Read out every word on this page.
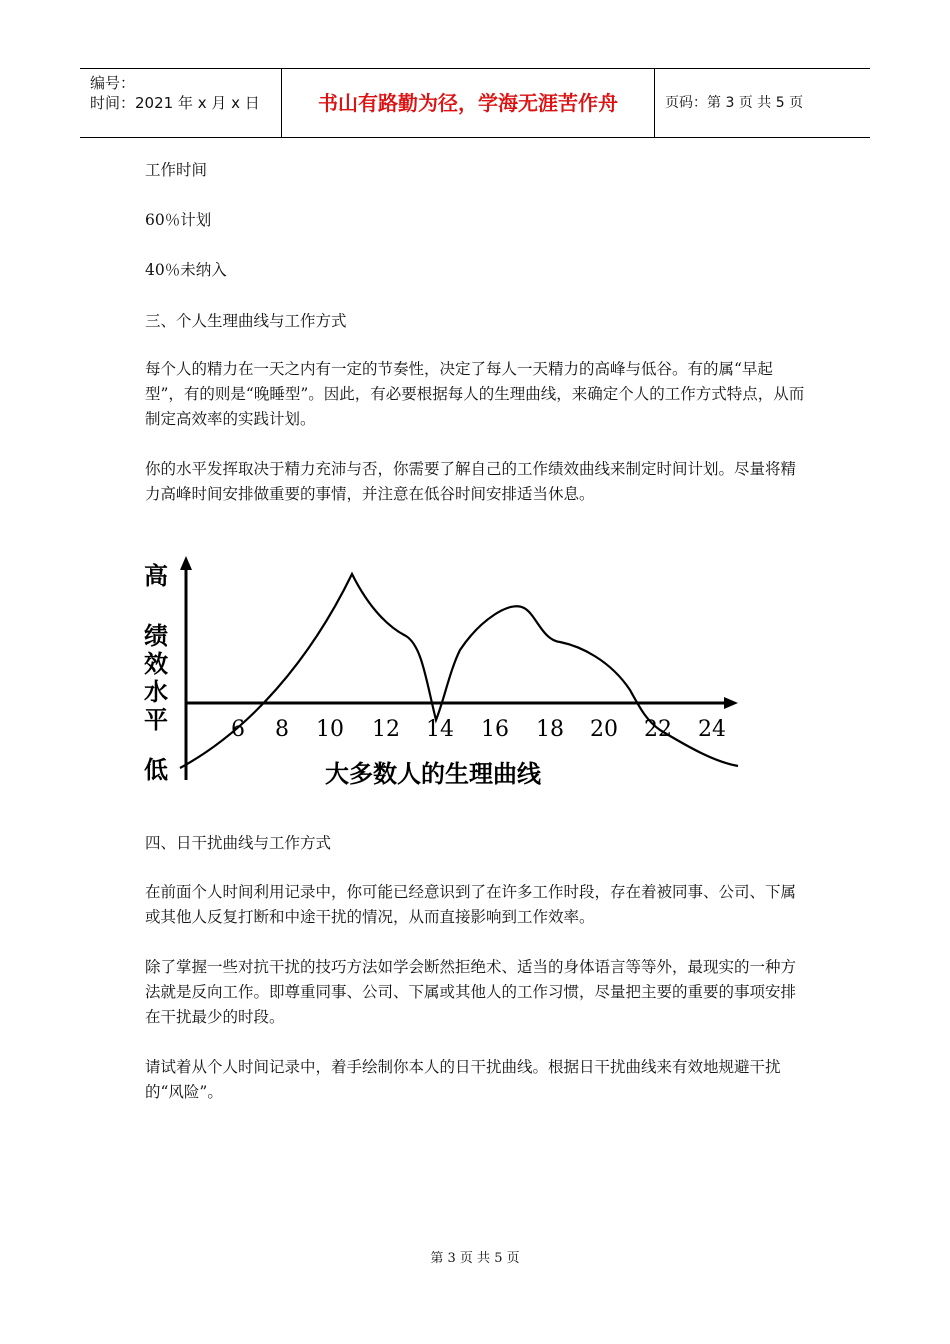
编号：
时间：2021 年 x 月 x 日	书山有路勤为径，学海无涯苦作舟	页码：第 3 页 共 5 页
工作时间
60％计划
40％未纳入
三、个人生理曲线与工作方式
每个人的精力在一天之内有一定的节奏性，决定了每人一天精力的高峰与低谷。有的属“早起型”，有的则是“晚睡型”。因此，有必要根据每人的生理曲线，来确定个人的工作方式特点，从而制定高效率的实践计划。
你的水平发挥取决于精力充沛与否，你需要了解自己的工作绩效曲线来制定时间计划。尽量将精力高峰时间安排做重要的事情，并注意在低谷时间安排适当休息。
高
绩效水平
低
6 8 10 12 14 16 18 20 22 24
大多数人的生理曲线
四、日干扰曲线与工作方式
在前面个人时间利用记录中，你可能已经意识到了在许多工作时段，存在着被同事、公司、下属或其他人反复打断和中途干扰的情况，从而直接影响到工作效率。
除了掌握一些对抗干扰的技巧方法如学会断然拒绝术、适当的身体语言等等外，最现实的一种方法就是反向工作。即尊重同事、公司、下属或其他人的工作习惯，尽量把主要的重要的事项安排在干扰最少的时段。
请试着从个人时间记录中，着手绘制你本人的日干扰曲线。根据日干扰曲线来有效地规避干扰的“风险”。
第 3 页 共 5 页
